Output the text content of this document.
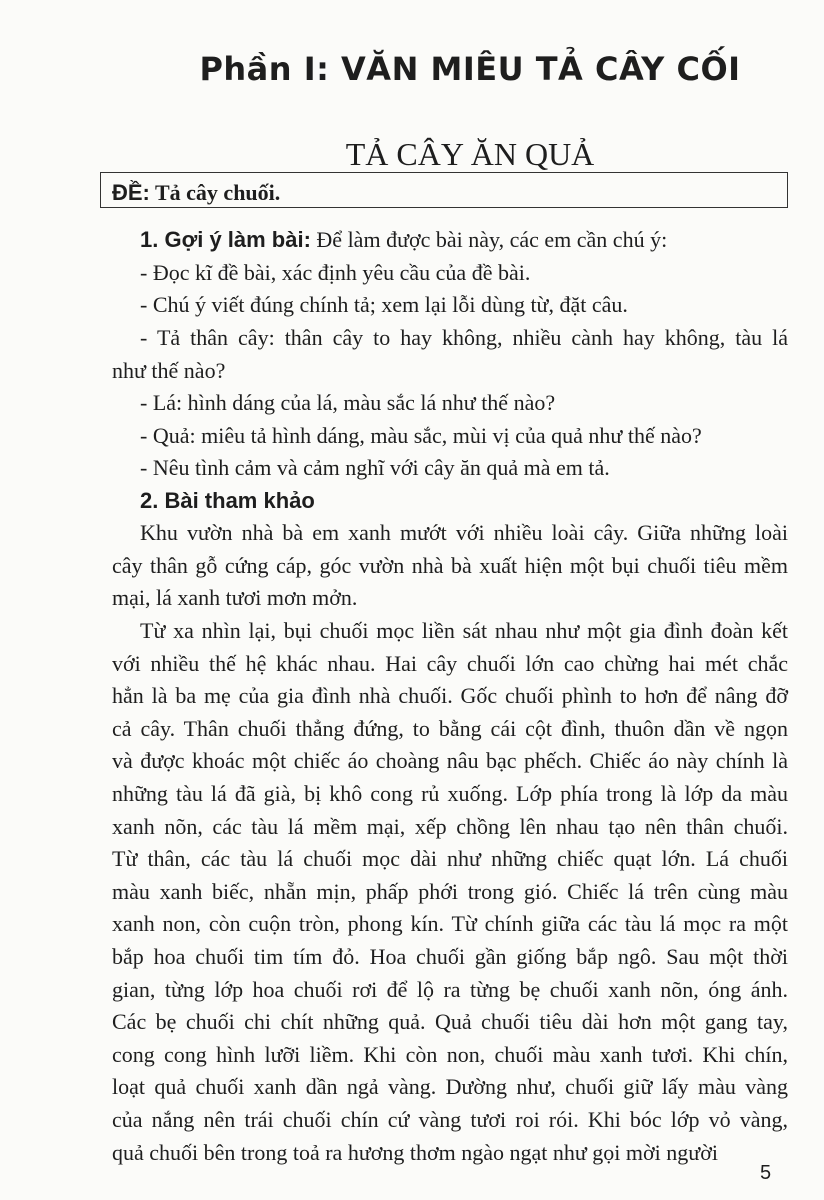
Phần I: VĂN MIÊU TẢ CÂY CỐI
TẢ CÂY ĂN QUẢ
ĐỀ: Tả cây chuối.
1. Gợi ý làm bài: Để làm được bài này, các em cần chú ý:
- Đọc kĩ đề bài, xác định yêu cầu của đề bài.
- Chú ý viết đúng chính tả; xem lại lỗi dùng từ, đặt câu.
- Tả thân cây: thân cây to hay không, nhiều cành hay không, tàu lá
như thế nào?
- Lá: hình dáng của lá, màu sắc lá như thế nào?
- Quả: miêu tả hình dáng, màu sắc, mùi vị của quả như thế nào?
- Nêu tình cảm và cảm nghĩ với cây ăn quả mà em tả.
2. Bài tham khảo
Khu vườn nhà bà em xanh mướt với nhiều loài cây. Giữa những loài
cây thân gỗ cứng cáp, góc vườn nhà bà xuất hiện một bụi chuối tiêu mềm
mại, lá xanh tươi mơn mởn.
Từ xa nhìn lại, bụi chuối mọc liền sát nhau như một gia đình đoàn kết
với nhiều thế hệ khác nhau. Hai cây chuối lớn cao chừng hai mét chắc
hẳn là ba mẹ của gia đình nhà chuối. Gốc chuối phình to hơn để nâng đỡ
cả cây. Thân chuối thẳng đứng, to bằng cái cột đình, thuôn dần về ngọn
và được khoác một chiếc áo choàng nâu bạc phếch. Chiếc áo này chính là
những tàu lá đã già, bị khô cong rủ xuống. Lớp phía trong là lớp da màu
xanh nõn, các tàu lá mềm mại, xếp chồng lên nhau tạo nên thân chuối.
Từ thân, các tàu lá chuối mọc dài như những chiếc quạt lớn. Lá chuối
màu xanh biếc, nhẵn mịn, phấp phới trong gió. Chiếc lá trên cùng màu
xanh non, còn cuộn tròn, phong kín. Từ chính giữa các tàu lá mọc ra một
bắp hoa chuối tim tím đỏ. Hoa chuối gần giống bắp ngô. Sau một thời
gian, từng lớp hoa chuối rơi để lộ ra từng bẹ chuối xanh nõn, óng ánh.
Các bẹ chuối chi chít những quả. Quả chuối tiêu dài hơn một gang tay,
cong cong hình lưỡi liềm. Khi còn non, chuối màu xanh tươi. Khi chín,
loạt quả chuối xanh dần ngả vàng. Dường như, chuối giữ lấy màu vàng
của nắng nên trái chuối chín cứ vàng tươi roi rói. Khi bóc lớp vỏ vàng,
quả chuối bên trong toả ra hương thơm ngào ngạt như gọi mời người
5
